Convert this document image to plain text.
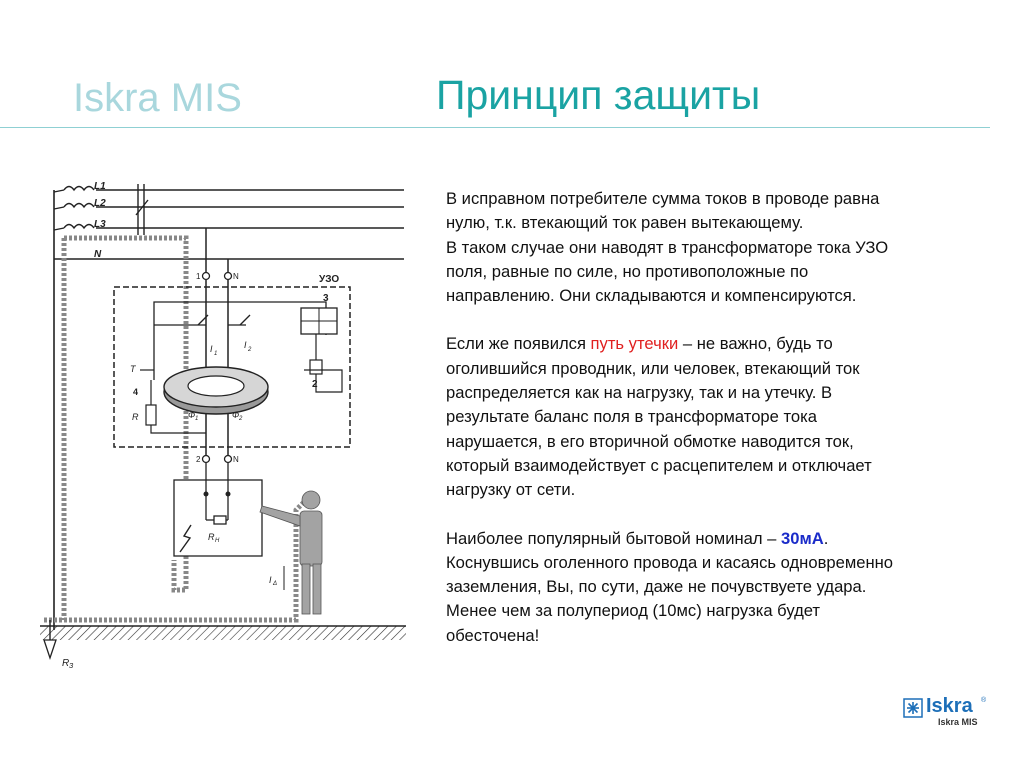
Iskra MIS	Принцип защиты
L1
L2
L3
N
1	N
2	N
УЗО
3
2
Ф 1	Ф 2
I 1
I 2
T
4
R
R H
I Δ
R З

В исправном потребителе сумма токов в проводе равна

нулю, т.к. втекающий ток равен вытекающему.

В таком случае они наводят в трансформаторе тока УЗО

поля, равные по силе, но противоположные по

направлению. Они складываются и компенсируются.

Если же появился путь утечки – не важно, будь то

оголившийся проводник, или человек, втекающий ток

распределяется как на нагрузку, так и на утечку. В

результате баланс поля в трансформаторе тока

нарушается, в его вторичной обмотке наводится ток,

который взаимодействует с расцепителем и отключает

нагрузку от сети.

Наиболее популярный бытовой номинал – 30мА.

Коснувшись оголенного провода и касаясь одновременно

заземления, Вы, по сути, даже не почувствуете удара.

Менее чем за полупериод (10мс) нагрузка будет

обесточена!

Iskra ®
Iskra MIS
